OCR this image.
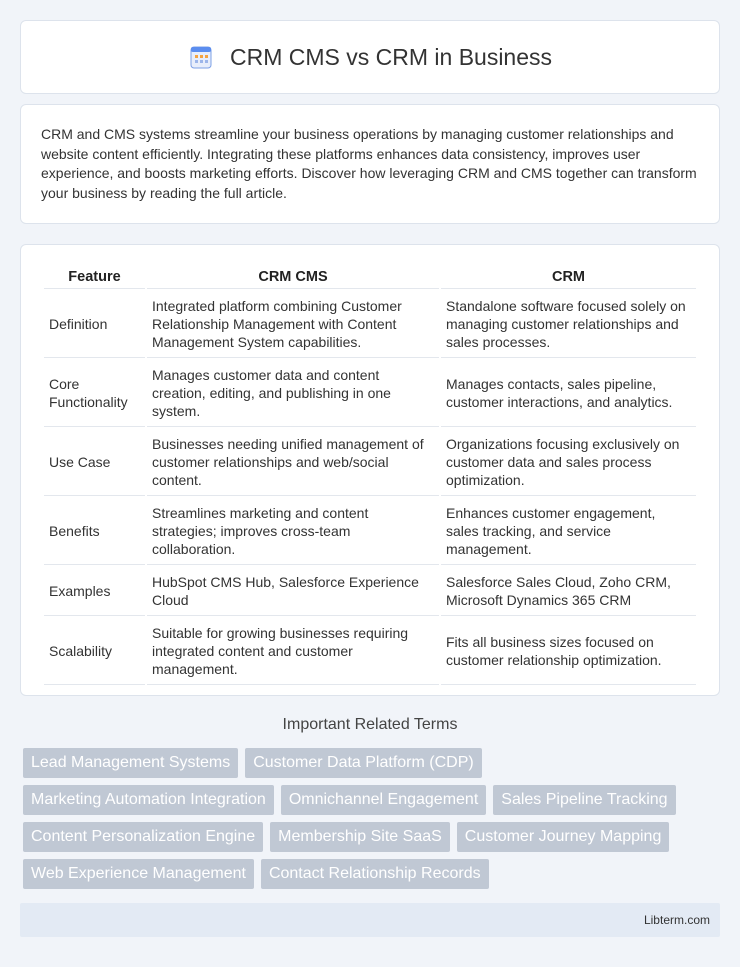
CRM CMS vs CRM in Business

CRM and CMS systems streamline your business operations by managing customer relationships and website content efficiently. Integrating these platforms enhances data consistency, improves user experience, and boosts marketing efforts. Discover how leveraging CRM and CMS together can transform your business by reading the full article.

Feature	CRM CMS	CRM
Definition	Integrated platform combining Customer Relationship Management with Content Management System capabilities.	Standalone software focused solely on managing customer relationships and sales processes.
Core Functionality	Manages customer data and content creation, editing, and publishing in one system.	Manages contacts, sales pipeline, customer interactions, and analytics.
Use Case	Businesses needing unified management of customer relationships and web/social content.	Organizations focusing exclusively on customer data and sales process optimization.
Benefits	Streamlines marketing and content strategies; improves cross-team collaboration.	Enhances customer engagement, sales tracking, and service management.
Examples	HubSpot CMS Hub, Salesforce Experience Cloud	Salesforce Sales Cloud, Zoho CRM, Microsoft Dynamics 365 CRM
Scalability	Suitable for growing businesses requiring integrated content and customer management.	Fits all business sizes focused on customer relationship optimization.
Important Related Terms
Lead Management Systems	Customer Data Platform (CDP)
Marketing Automation Integration	Omnichannel Engagement	Sales Pipeline Tracking
Content Personalization Engine	Membership Site SaaS	Customer Journey Mapping
Web Experience Management	Contact Relationship Records
Libterm.com
